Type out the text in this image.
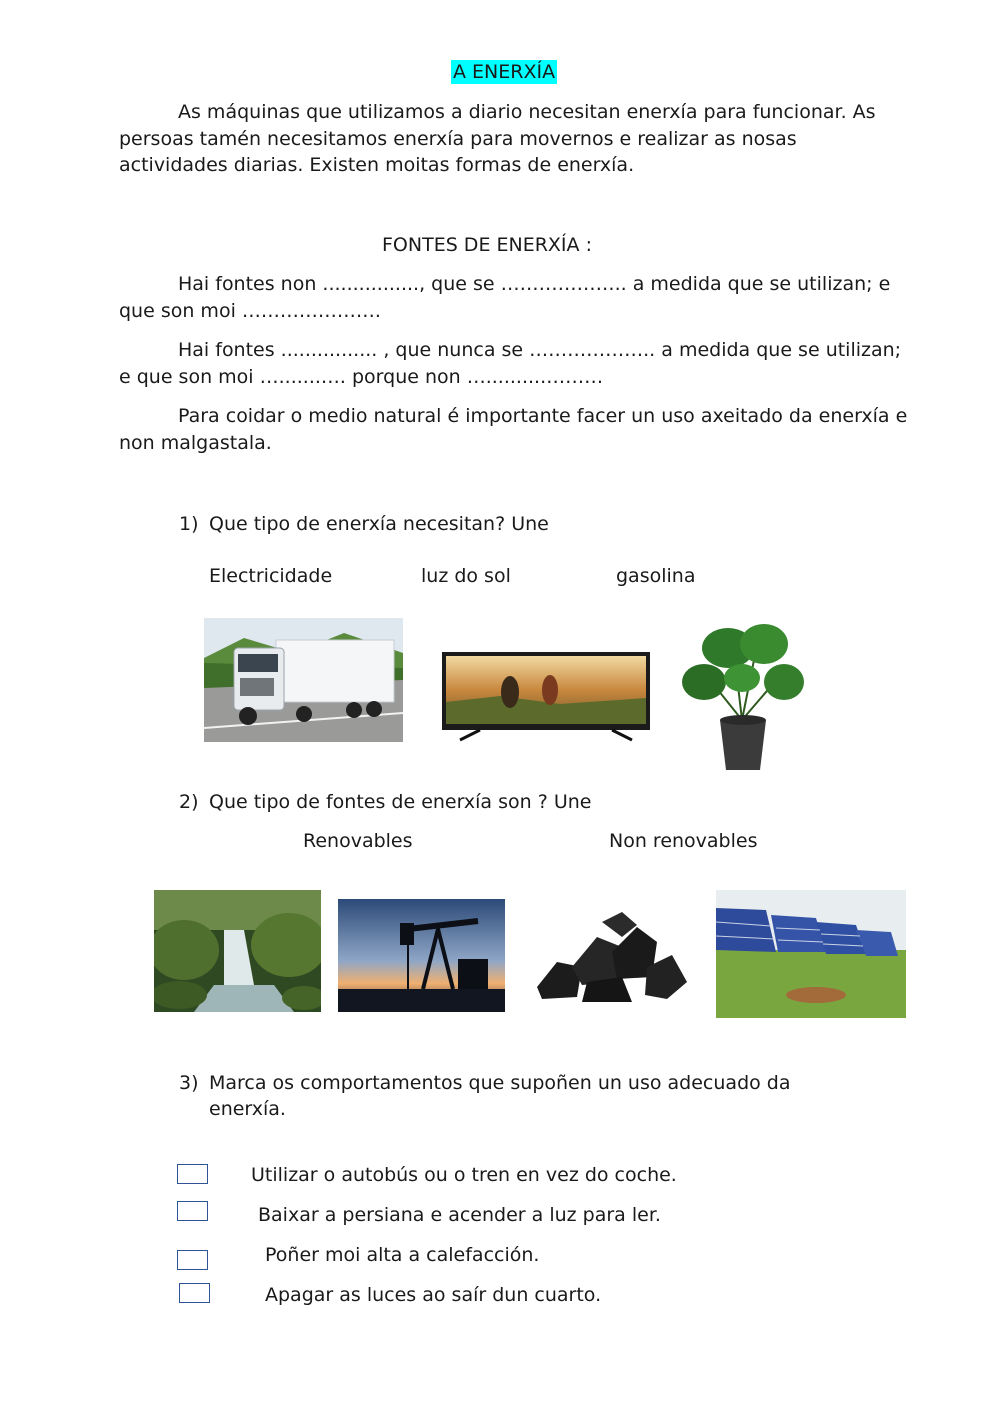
A ENERXÍA

As máquinas que utilizamos a diario necesitan enerxía para funcionar. As persoas tamén necesitamos enerxía para movernos e realizar as nosas actividades diarias. Existen moitas formas de enerxía.

FONTES DE ENERXÍA :

Hai fontes non ................, que se ……………….. a medida que se utilizan; e que son moi ………………….

Hai fontes ................ , que nunca se ……………….. a medida que se utilizan; e que son moi ….......…. porque non …..........………

Para coidar o medio natural é importante facer un uso axeitado da enerxía e non malgastala.

1) Que tipo de enerxía necesitan? Une
Electricidade	luz do sol	gasolina
2) Que tipo de fontes de enerxía son ? Une
Renovables	Non renovables
3) Marca os comportamentos que supoñen un uso adecuado da
enerxía.
Utilizar o autobús ou o tren en vez do coche.
Baixar a persiana e acender a luz para ler.
Poñer moi alta a calefacción.
Apagar as luces ao saír dun cuarto.
